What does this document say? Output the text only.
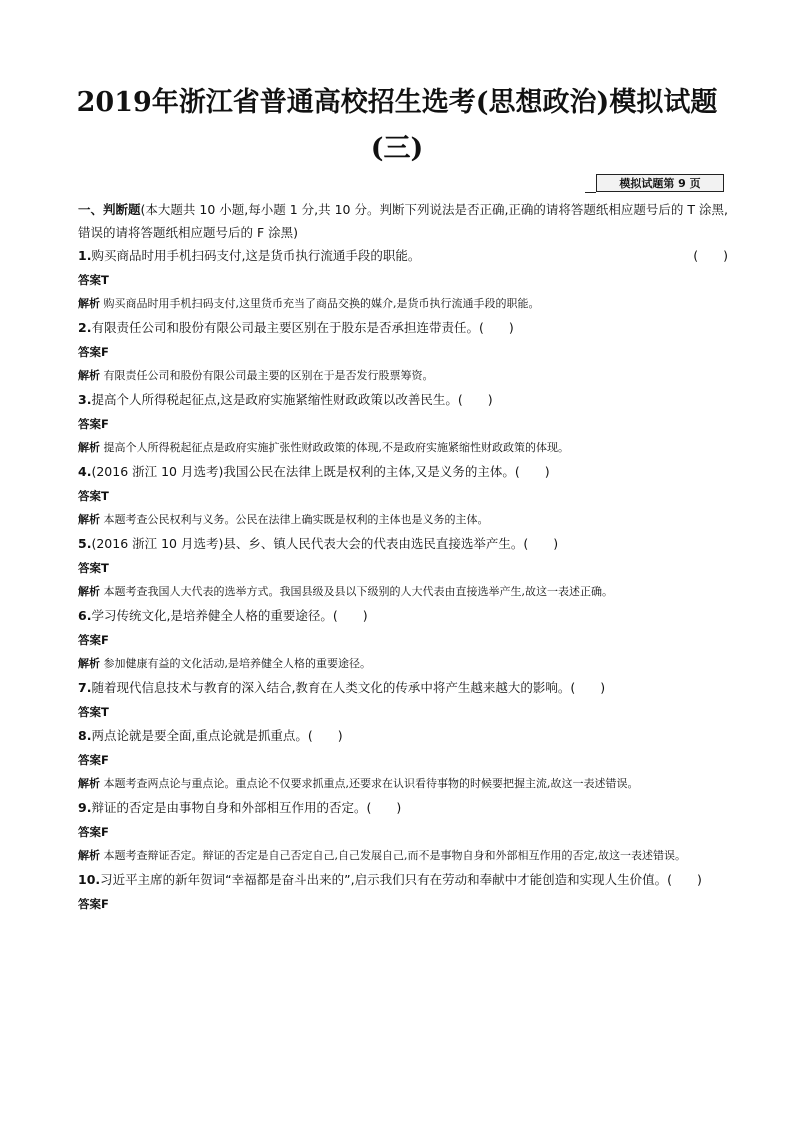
2019年浙江省普通高校招生选考(思想政治)模拟试题(三)
模拟试题第 9 页

一、判断题(本大题共 10 小题,每小题 1 分,共 10 分。判断下列说法是否正确,正确的请将答题纸相应题号后的 T 涂黑,错误的请将答题纸相应题号后的 F 涂黑)

1.购买商品时用手机扫码支付,这是货币执行流通手段的职能。	(　　)

答案T

解析 购买商品时用手机扫码支付,这里货币充当了商品交换的媒介,是货币执行流通手段的职能。

2.有限责任公司和股份有限公司最主要区别在于股东是否承担连带责任。(　　)

答案F

解析 有限责任公司和股份有限公司最主要的区别在于是否发行股票筹资。

3.提高个人所得税起征点,这是政府实施紧缩性财政政策以改善民生。(　　)

答案F

解析 提高个人所得税起征点是政府实施扩张性财政政策的体现,不是政府实施紧缩性财政政策的体现。

4.(2016 浙江 10 月选考)我国公民在法律上既是权利的主体,又是义务的主体。(　　)

答案T

解析 本题考查公民权利与义务。公民在法律上确实既是权利的主体也是义务的主体。

5.(2016 浙江 10 月选考)县、乡、镇人民代表大会的代表由选民直接选举产生。(　　)

答案T

解析 本题考查我国人大代表的选举方式。我国县级及县以下级别的人大代表由直接选举产生,故这一表述正确。

6.学习传统文化,是培养健全人格的重要途径。(　　)

答案F

解析 参加健康有益的文化活动,是培养健全人格的重要途径。

7.随着现代信息技术与教育的深入结合,教育在人类文化的传承中将产生越来越大的影响。(　　)

答案T

8.两点论就是要全面,重点论就是抓重点。(　　)

答案F

解析 本题考查两点论与重点论。重点论不仅要求抓重点,还要求在认识看待事物的时候要把握主流,故这一表述错误。

9.辩证的否定是由事物自身和外部相互作用的否定。(　　)

答案F

解析 本题考查辩证否定。辩证的否定是自己否定自己,自己发展自己,而不是事物自身和外部相互作用的否定,故这一表述错误。

10.习近平主席的新年贺词“幸福都是奋斗出来的”,启示我们只有在劳动和奉献中才能创造和实现人生价值。(　　)

答案F
